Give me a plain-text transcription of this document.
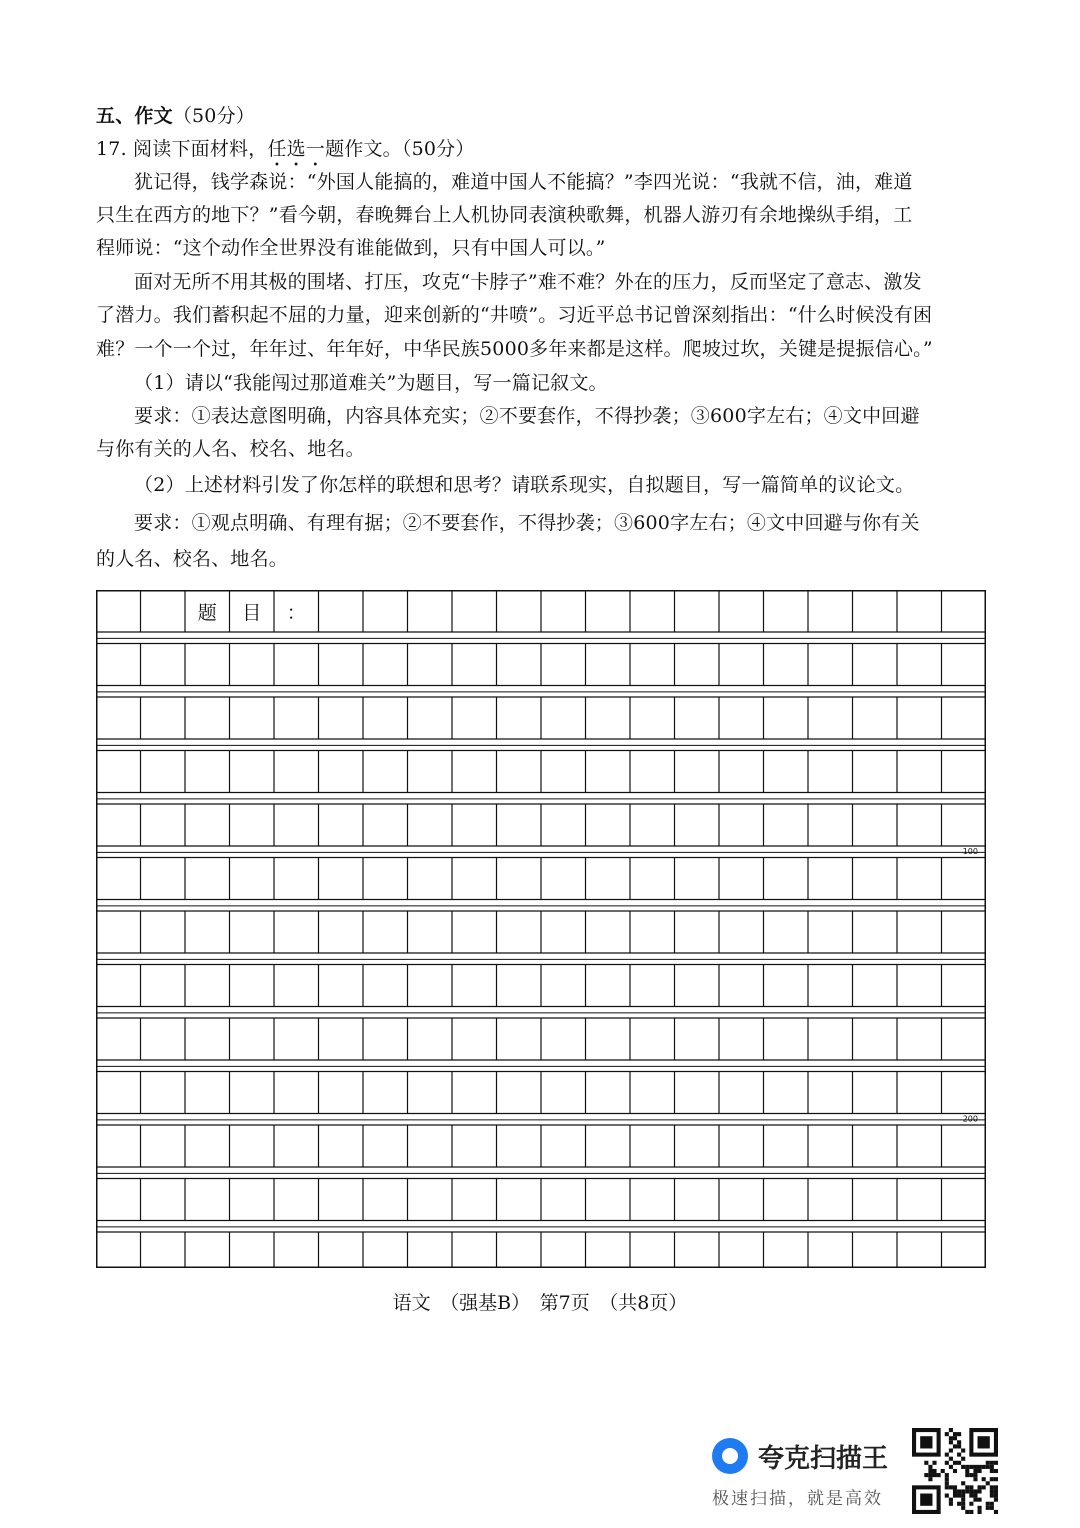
五、作文（50分）
17. 阅读下面材料，任选一题作文。（50分）
犹记得，钱学森说：“外国人能搞的，难道中国人不能搞？”李四光说：“我就不信，油，难道
只生在西方的地下？”看今朝，春晚舞台上人机协同表演秧歌舞，机器人游刃有余地操纵手绢，工
程师说：“这个动作全世界没有谁能做到，只有中国人可以。”
面对无所不用其极的围堵、打压，攻克“卡脖子”难不难？外在的压力，反而坚定了意志、激发
了潜力。我们蓄积起不屈的力量，迎来创新的“井喷”。习近平总书记曾深刻指出：“什么时候没有困
难？一个一个过，年年过、年年好，中华民族5000多年来都是这样。爬坡过坎，关键是提振信心。”
（1）请以“我能闯过那道难关”为题目，写一篇记叙文。
要求：①表达意图明确，内容具体充实；②不要套作，不得抄袭；③600字左右；④文中回避
与你有关的人名、校名、地名。
（2）上述材料引发了你怎样的联想和思考？请联系现实，自拟题目，写一篇简单的议论文。
要求：①观点明确、有理有据；②不要套作，不得抄袭；③600字左右；④文中回避与你有关
的人名、校名、地名。
题 目 ：
100
200
语文　（强基B）　第7页　（共8页）
夸克扫描王
极速扫描，就是高效
